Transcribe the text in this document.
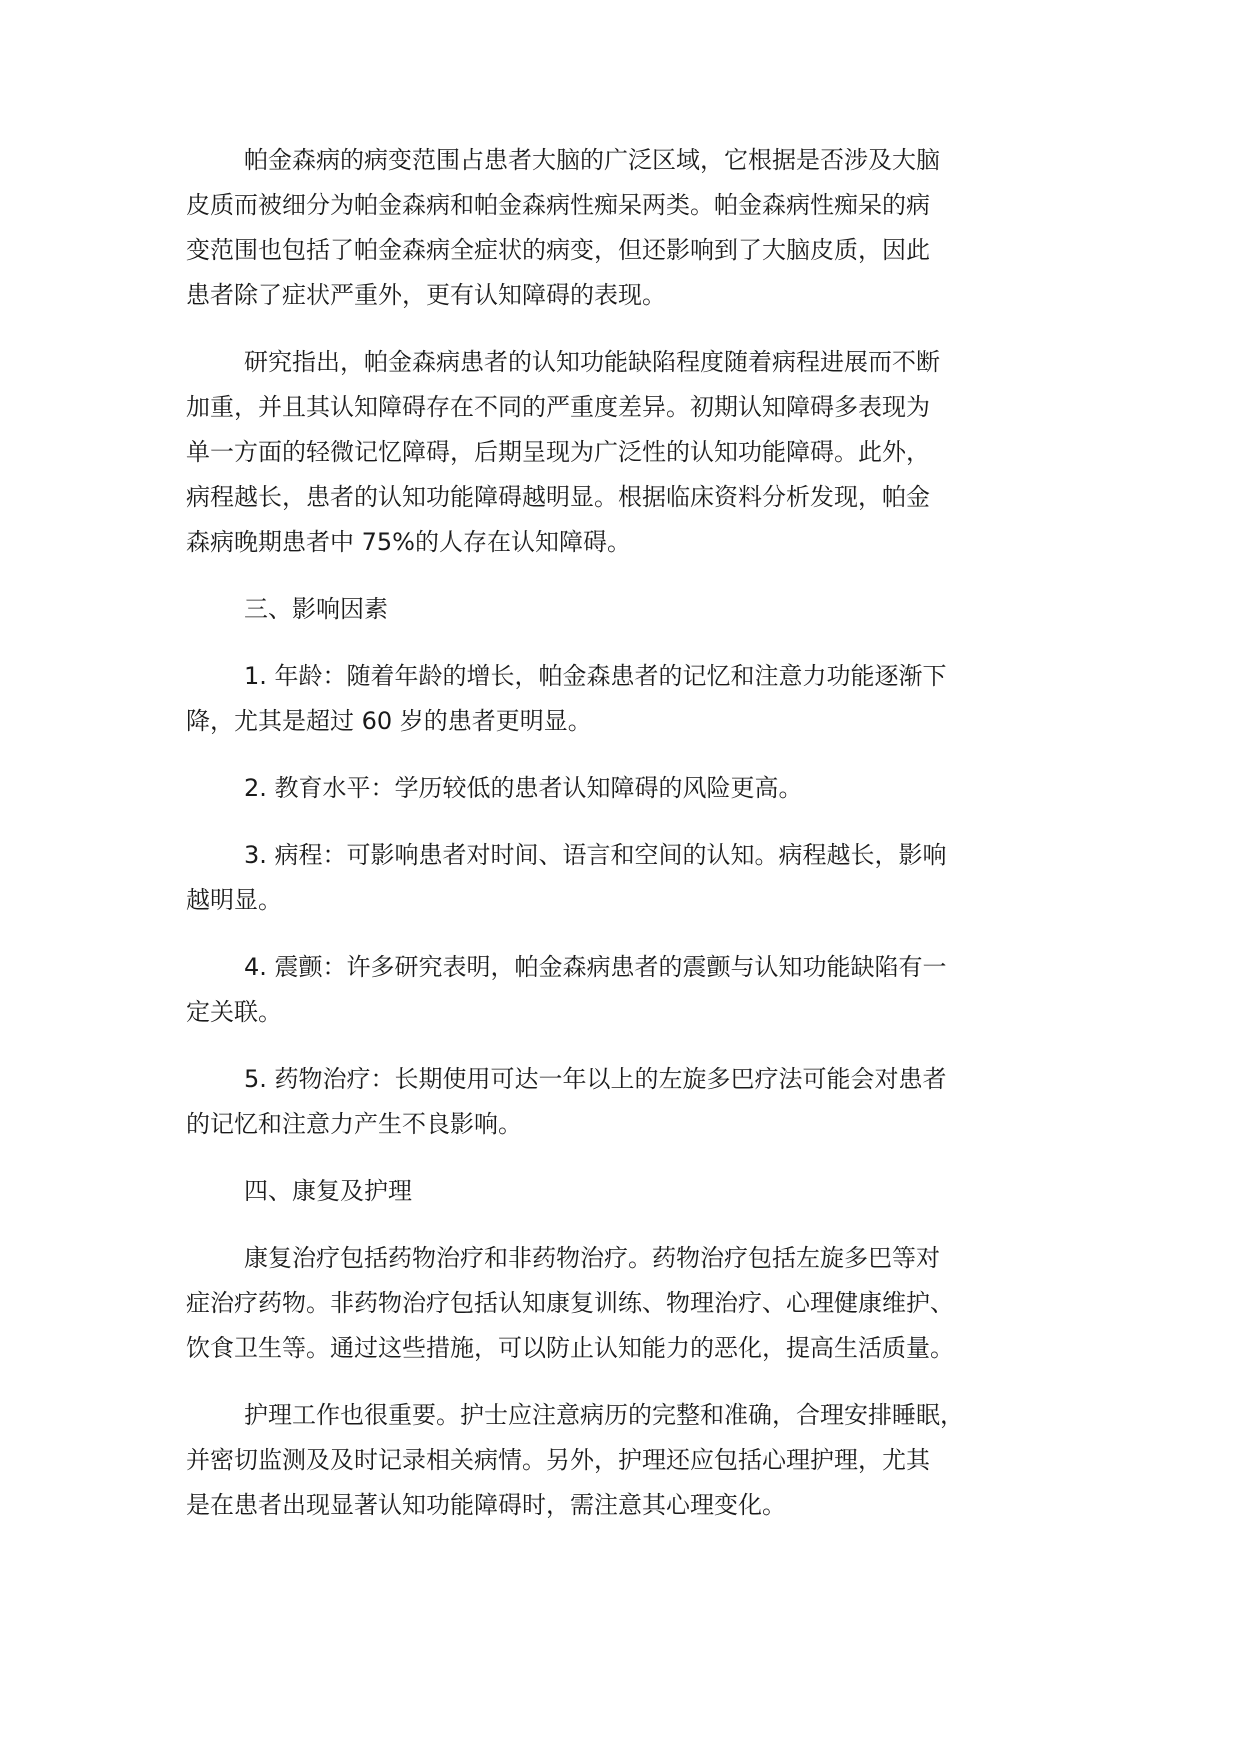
帕金森病的病变范围占患者大脑的广泛区域，它根据是否涉及大脑
皮质而被细分为帕金森病和帕金森病性痴呆两类。帕金森病性痴呆的病
变范围也包括了帕金森病全症状的病变，但还影响到了大脑皮质，因此
患者除了症状严重外，更有认知障碍的表现。

研究指出，帕金森病患者的认知功能缺陷程度随着病程进展而不断
加重，并且其认知障碍存在不同的严重度差异。初期认知障碍多表现为
单一方面的轻微记忆障碍，后期呈现为广泛性的认知功能障碍。此外，
病程越长，患者的认知功能障碍越明显。根据临床资料分析发现，帕金
森病晚期患者中 75%的人存在认知障碍。

三、影响因素

1. 年龄：随着年龄的增长，帕金森患者的记忆和注意力功能逐渐下
降，尤其是超过 60 岁的患者更明显。

2. 教育水平：学历较低的患者认知障碍的风险更高。

3. 病程：可影响患者对时间、语言和空间的认知。病程越长，影响
越明显。

4. 震颤：许多研究表明，帕金森病患者的震颤与认知功能缺陷有一
定关联。

5. 药物治疗：长期使用可达一年以上的左旋多巴疗法可能会对患者
的记忆和注意力产生不良影响。

四、康复及护理

康复治疗包括药物治疗和非药物治疗。药物治疗包括左旋多巴等对
症治疗药物。非药物治疗包括认知康复训练、物理治疗、心理健康维护、
饮食卫生等。通过这些措施，可以防止认知能力的恶化，提高生活质量。

护理工作也很重要。护士应注意病历的完整和准确，合理安排睡眠，
并密切监测及及时记录相关病情。另外，护理还应包括心理护理，尤其
是在患者出现显著认知功能障碍时，需注意其心理变化。
